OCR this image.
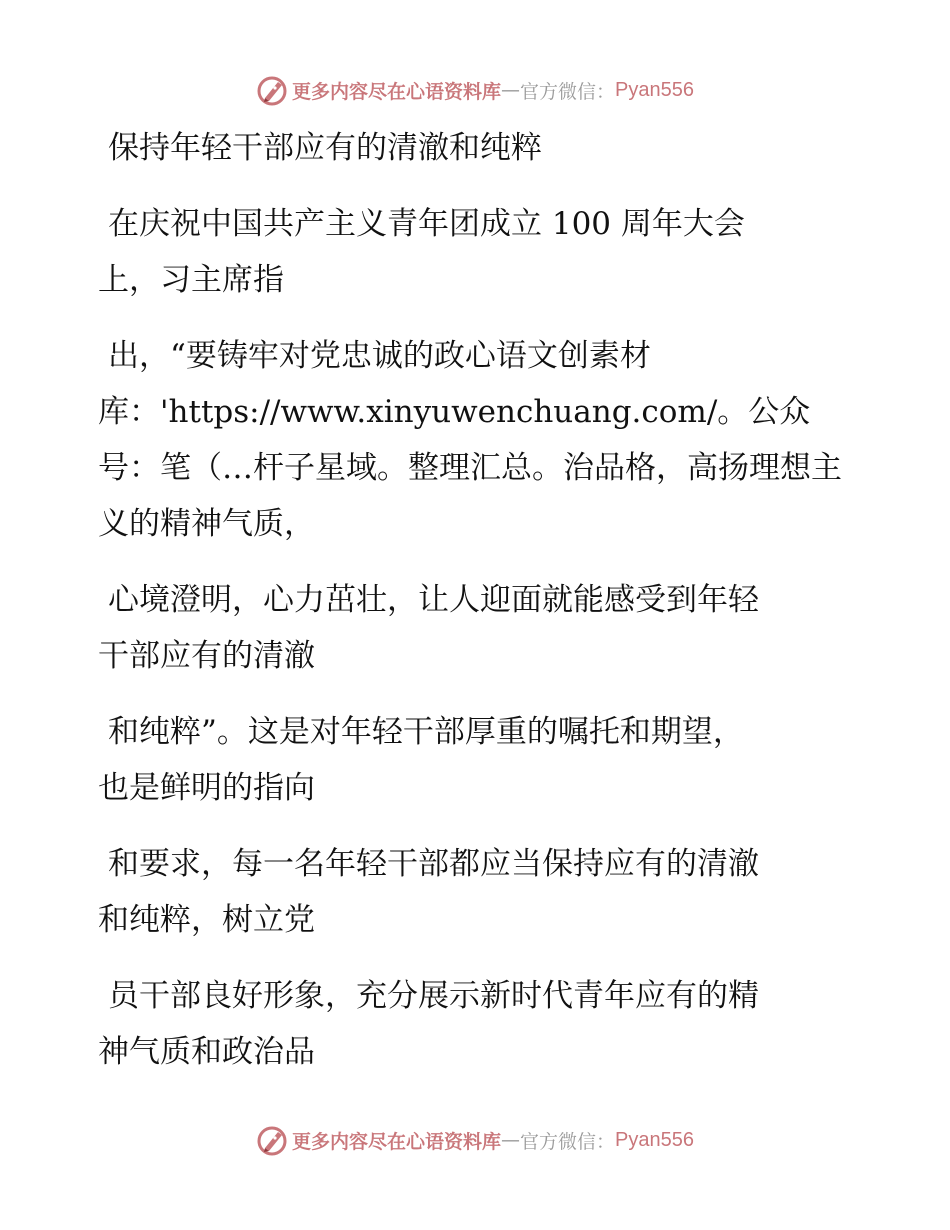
更多内容尽在心语资料库 — 官方微信： Pyan556

保持年轻干部应有的清澈和纯粹

在庆祝中国共产主义青年团成立 100 周年大会
上，习主席指

出，“要铸牢对党忠诚的政心语文创素材
库：'https://www.xinyuwenchuang.com/。公众号：笔（…杆子星域。整理汇总。治品格，高扬理想主义的精神气质，

心境澄明，心力茁壮，让人迎面就能感受到年轻
干部应有的清澈

和纯粹”。这是对年轻干部厚重的嘱托和期望，
也是鲜明的指向

和要求，每一名年轻干部都应当保持应有的清澈
和纯粹，树立党

员干部良好形象，充分展示新时代青年应有的精
神气质和政治品

更多内容尽在心语资料库 — 官方微信： Pyan556
